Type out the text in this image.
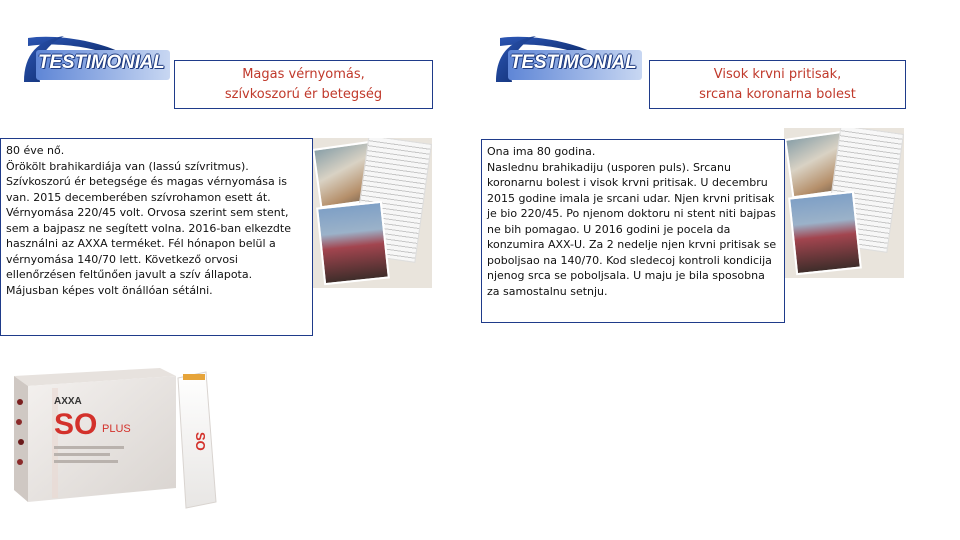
TESTIMONIAL
Magas vérnyomás,
szívkoszorú ér betegség
80 éve nő.
Örökölt brahikardiája van (lassú szívritmus).
Szívkoszorú ér betegsége és magas vérnyomása is van. 2015 decemberében szívrohamon esett át. Vérnyomása 220/45 volt. Orvosa szerint sem stent, sem a bajpasz ne segített volna. 2016-ban elkezdte használni az AXXA terméket. Fél hónapon belül a vérnyomása 140/70 lett. Következő orvosi ellenőrzésen feltűnően javult a szív állapota. Májusban képes volt önállóan sétálni.
AXXA
SO PLUS
SO
TESTIMONIAL
Visok krvni pritisak,
srcana koronarna bolest
Ona ima 80 godina.
Naslednu brahikadiju (usporen puls). Srcanu koronarnu bolest i visok krvni pritisak. U decembru 2015 godine imala je srcani udar. Njen krvni pritisak je bio 220/45. Po njenom doktoru ni stent niti bajpas ne bih pomagao. U 2016 godini je pocela da konzumira AXX-U. Za 2 nedelje njen krvni pritisak se poboljsao na 140/70. Kod sledecoj kontroli kondicija njenog srca se poboljsala. U maju je bila sposobna za samostalnu setnju.
